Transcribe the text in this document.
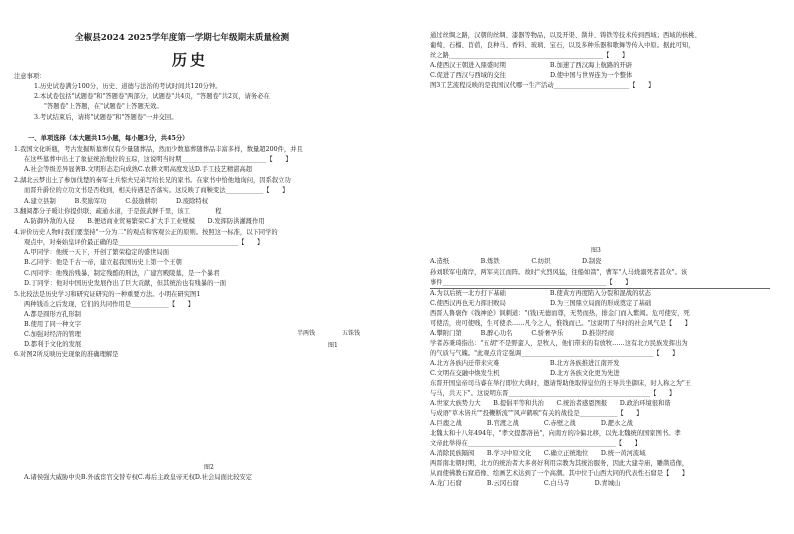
全椒县2024 2025学年度第一学期七年级期末质量检测
历史
注意事项：
1.历史试卷满分100分，历史、道德与法治的考试时间共120分钟。
2.本试卷包括"试题卷"和"答题卷"两部分，试题卷"共4页，"答题卷"共2页，请务必在
"答题卷"上答题，在"试题卷"上答题无效。
3.考试结束后，请将"试题卷"和"答题卷"一并交回。
一、单项选择（本大题共15小题，每小题3分，共45分）
1.我国文化昕瓶，考古发掘斯墓葬仅有少量随葬品，然而少数墓葬随葬品丰富多样，数量超200件，并且
在这些墓葬中出土了象征统治地位的玉琮，这说明当时期___________________________【　　】
A.社会等级差异显著B.文明形态走向成熟C.农耕文明高度发达D.手工技艺精湛高超
2.湖北云梦出土了参加伐楚的秦军士兵惊夫兄弟写给长兄的家书。在家书中恰他地询问，因系叙立功
而晋升爵位的立功文书是否收到，相关待遇是否落实。这反映了商鞅变法____________【　　】
A.建立县制　　　B.奖励军功　　　C.鼓励耕织　　　D.废除特权
3.翻阅都分子暖让你提供联、疏通水道，于是鼓武鲜千里，该工　　　　程
A.防御外敌的入侵　　B.便适商业贸易繁荣C.扩大手工业规模　　D.发挥防洪灌溉作用
4.评价历史人物时我们要坚持"一分为二"的观点和客观公正的原则。按照这一标准，以下同学的
观点中，对秦始皇评价最正确的是______________________________________【　　】
A.甲同学：他统一天下，开创了繁荣稳定的盛世局面
B.乙同学：他是千古一帝，建立起我国历史上第一个王朝
C.丙同学：他残治残暴，制定残酷的刑法，广建宫殿陵墓，是一个暴君
D.丁同学：他对中国历史发展作出了巨大贡献，但其统治也有残暴的一面
5.比较法是历史学习和研究证研究的一种重要方法。小明在研究图1
两种钱币之后发现，它们的共同作用是____________【　　】
A.都是圆形方孔形制
B.使用了同一种文字
C.加强对经济的管理
D.都利于文化的发展
半两钱	五铢钱
图1
6.对图2所反映历史现象的准确理解是
图2
A.诸侯强大威胁中央B.外戚宦官交替专权C.毒后主政皇帝无权D.社会局面比较安定
通过丝绸之路，汉朝的丝绸、漆器等物品，以及开渠、凿井、铸铁等技术传到西域；西域的核桃、
葡萄、石榴、苜蓿，良种马、香料、玻璃、宝石，以及多种乐器和歌舞等传入中原。据此可知，
丝之路_________________________________________________【　　】
A.使西汉王朝进入鼎盛时期　　　　　　　B.加速了西汉海上航路的开辟
C.促进了西汉与西域的交往　　　　　　　D.使中国与世界连为一个整体
图3工艺流程反映的是我国汉代哪一生产活动________________________【　　】
图3
A.造纸　　　　　B.炼铁　　　　　C.纺织　　　　　D.制瓷
孙刘联军电南岸，两军夹江而阵。故时"火烈风猛，往船如箭"，曹军"人马烧溺死者甚众"。该
事件____________________________________________________【　　】
A.为以后统一北方打下基础　　　　　　　B.使黄方再度陷入分裂和混战的状态
C.使西汉再也无力挥旧败局　　　　　　　D.为三国鼎立局面的形成奠定了基础
西晋人鲁褒作《钱神论》讽刺道："(钱)无德而尊，无势而热，排金门而入紫闼。危可使安，死
可使活，贵可使贱，生可使杀……凡今之人，惟钱而已。"这说明了当时的社会风气是【　　】
A.攀附门第　　　B.醉心功名　　　C.骄奢孕乐　　　D.推崇经商
学者苏秉琦指出："五胡"不是野蛮人，是牧人，他们带来的有放牧……这有北方民族发挥出为
的气质与气魄。"此观点肯定强调__________________________________________【　　】
A.北方各族内迁带来灾难　　　　　　　　B.北方各族推进江南开发
C.文明在交融中焕发生机　　　　　　　　D.北方各族文化更为先进
东晋开国皇帝司马睿在举行即位大典时，邀请帮助他取得皇位的王导共坐御床，时人称之为"王
与马，共天下"。这说明东晋_____________________________________________【　　】
A.世家大族势力大　　B.提倡平等和共治　　C.统治者感恩图报　　D.政治环境很和谐
与成语"草木皆兵""投鞭断流""风声鹤唳"有关的战役是____________【　　】
A.巨鹿之战　　　　B.官渡之战　　　　C.赤壁之战　　　　D.淝水之战
北魏太和十八年494年，"孝文提都洛邑"，向南方的冷偏北移，以先北魏统的国家图书。孝
文帝此举得在_______________________________________________【　　】
A.消除民族隔阂　　B.学习中原文化　　C.确立正统地位　　D.统一黄河流域
两晋南北朝时期，北方的统治者大多喜好利用宗教为其统治服务，因此大建寺庙，雕凿造像，
从而使佛教石窟造像、绘画艺术达到了一个高潮。其中位于山西大同的代表性石窟是【　　】
A.龙门石窟　　　　B.云冈石窟　　　　C.白马寺　　　　D.青城山
